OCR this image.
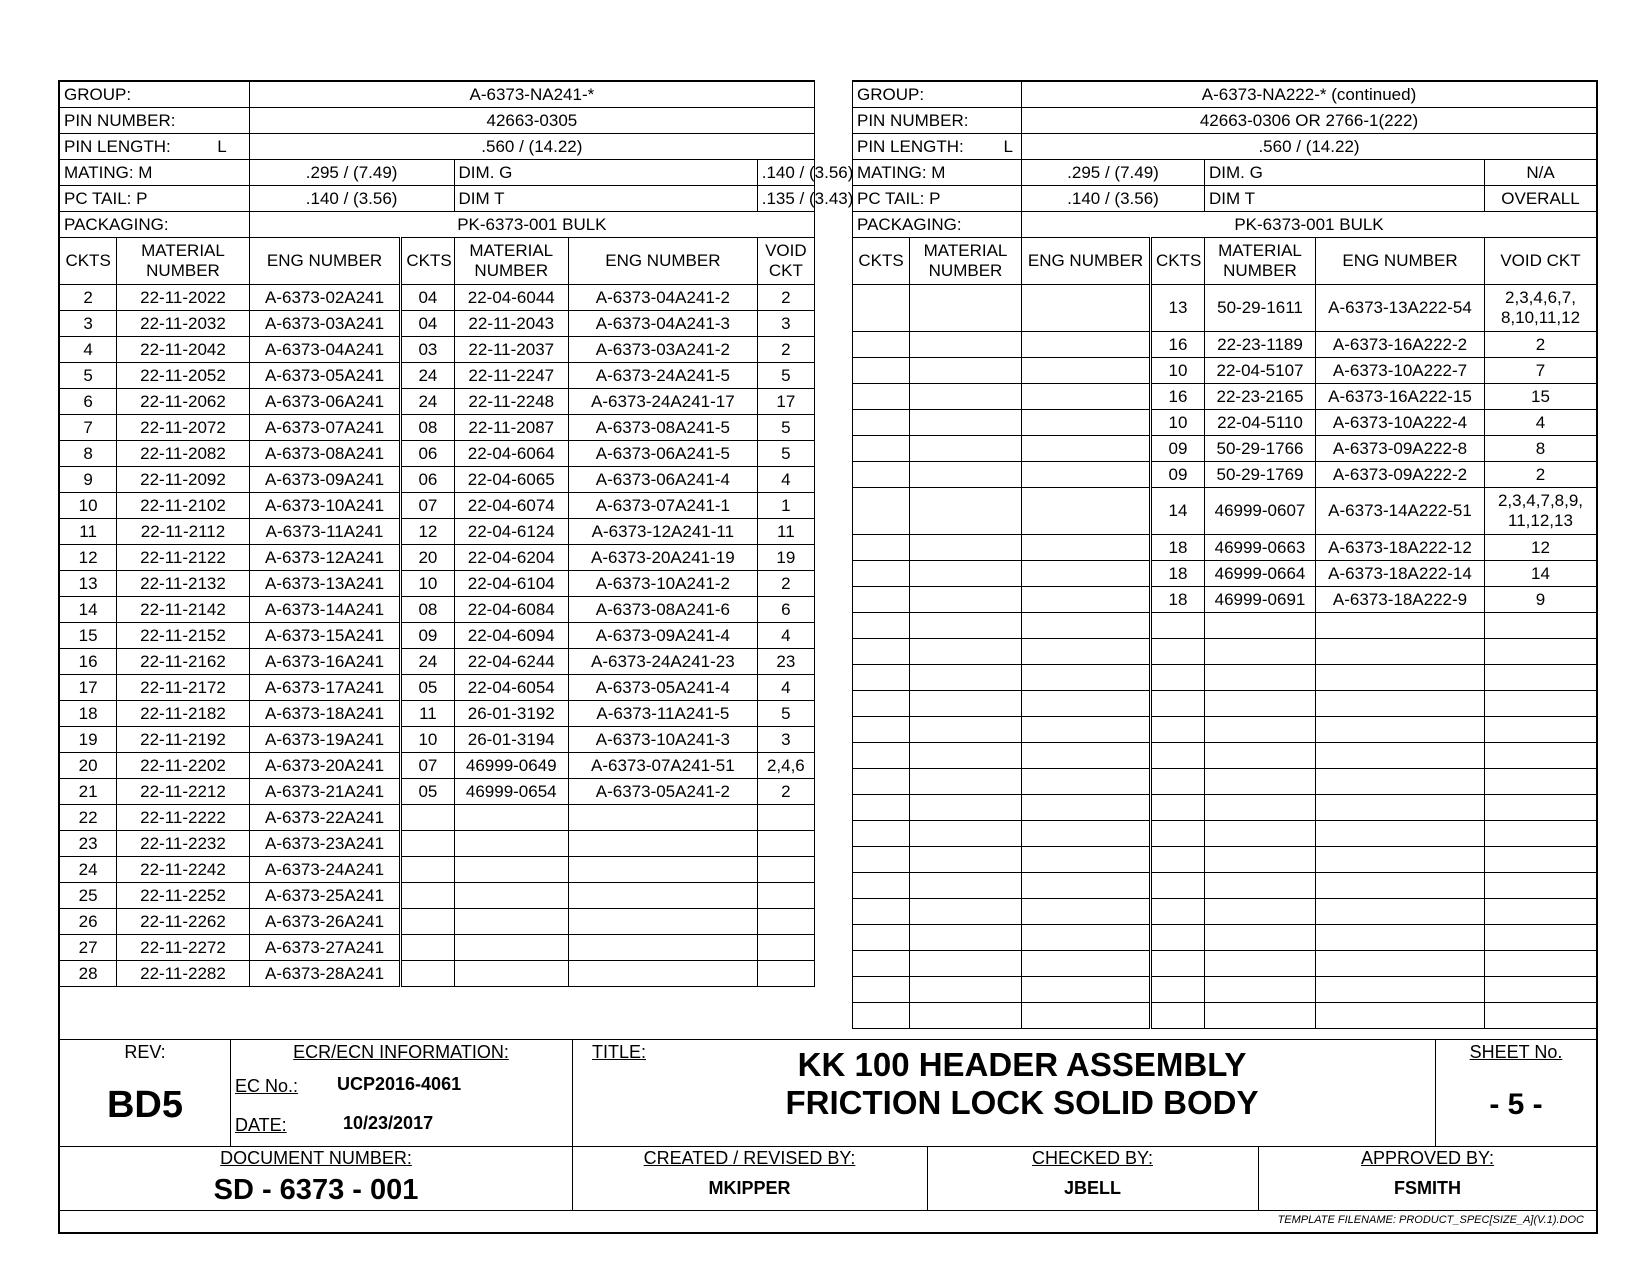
GROUP:		A-6373-NA241-*				
PIN NUMBER:		42663-0305				
PIN LENGTH: L		.560 / (14.22)				
MATING: M		.295 / (7.49)		DIM. G		.140 / (3.56)
PC TAIL: P		.140 / (3.56)		DIM T		.135 / (3.43)
PACKAGING:		PK-6373-001 BULK				
CKTS	MATERIAL NUMBER	ENG NUMBER	CKTS	MATERIAL NUMBER	ENG NUMBER	VOID CKT
2	22-11-2022	A-6373-02A241	04	22-04-6044	A-6373-04A241-2	2
3	22-11-2032	A-6373-03A241	04	22-11-2043	A-6373-04A241-3	3
4	22-11-2042	A-6373-04A241	03	22-11-2037	A-6373-03A241-2	2
5	22-11-2052	A-6373-05A241	24	22-11-2247	A-6373-24A241-5	5
6	22-11-2062	A-6373-06A241	24	22-11-2248	A-6373-24A241-17	17
7	22-11-2072	A-6373-07A241	08	22-11-2087	A-6373-08A241-5	5
8	22-11-2082	A-6373-08A241	06	22-04-6064	A-6373-06A241-5	5
9	22-11-2092	A-6373-09A241	06	22-04-6065	A-6373-06A241-4	4
10	22-11-2102	A-6373-10A241	07	22-04-6074	A-6373-07A241-1	1
11	22-11-2112	A-6373-11A241	12	22-04-6124	A-6373-12A241-11	11
12	22-11-2122	A-6373-12A241	20	22-04-6204	A-6373-20A241-19	19
13	22-11-2132	A-6373-13A241	10	22-04-6104	A-6373-10A241-2	2
14	22-11-2142	A-6373-14A241	08	22-04-6084	A-6373-08A241-6	6
15	22-11-2152	A-6373-15A241	09	22-04-6094	A-6373-09A241-4	4
16	22-11-2162	A-6373-16A241	24	22-04-6244	A-6373-24A241-23	23
17	22-11-2172	A-6373-17A241	05	22-04-6054	A-6373-05A241-4	4
18	22-11-2182	A-6373-18A241	11	26-01-3192	A-6373-11A241-5	5
19	22-11-2192	A-6373-19A241	10	26-01-3194	A-6373-10A241-3	3
20	22-11-2202	A-6373-20A241	07	46999-0649	A-6373-07A241-51	2,4,6
21	22-11-2212	A-6373-21A241	05	46999-0654	A-6373-05A241-2	2
22	22-11-2222	A-6373-22A241				
23	22-11-2232	A-6373-23A241				
24	22-11-2242	A-6373-24A241				
25	22-11-2252	A-6373-25A241				
26	22-11-2262	A-6373-26A241				
27	22-11-2272	A-6373-27A241				
28	22-11-2282	A-6373-28A241				
GROUP:		A-6373-NA222-* (continued)				
PIN NUMBER:		42663-0306 OR 2766-1(222)				
PIN LENGTH: L		.560 / (14.22)				
MATING: M		.295 / (7.49)		DIM. G		N/A
PC TAIL: P		.140 / (3.56)		DIM T		OVERALL
PACKAGING:		PK-6373-001 BULK				
CKTS	MATERIAL NUMBER	ENG NUMBER	CKTS	MATERIAL NUMBER	ENG NUMBER	VOID CKT
			13	50-29-1611	A-6373-13A222-54	2,3,4,6,7, 8,10,11,12
			16	22-23-1189	A-6373-16A222-2	2
			10	22-04-5107	A-6373-10A222-7	7
			16	22-23-2165	A-6373-16A222-15	15
			10	22-04-5110	A-6373-10A222-4	4
			09	50-29-1766	A-6373-09A222-8	8
			09	50-29-1769	A-6373-09A222-2	2
			14	46999-0607	A-6373-14A222-51	2,3,4,7,8,9, 11,12,13
			18	46999-0663	A-6373-18A222-12	12
			18	46999-0664	A-6373-18A222-14	14
			18	46999-0691	A-6373-18A222-9	9

REV:
BD5
ECR/ECN INFORMATION:
EC No.: UCP2016-4061
DATE:	10/23/2017
TITLE:	KK 100 HEADER ASSEMBLY
FRICTION LOCK SOLID BODY
SHEET No.
- 5 -
DOCUMENT NUMBER:
SD - 6373 - 001
CREATED / REVISED BY:
MKIPPER
CHECKED BY:
JBELL
APPROVED BY:
FSMITH
TEMPLATE FILENAME: PRODUCT_SPEC[SIZE_A](V.1).DOC
